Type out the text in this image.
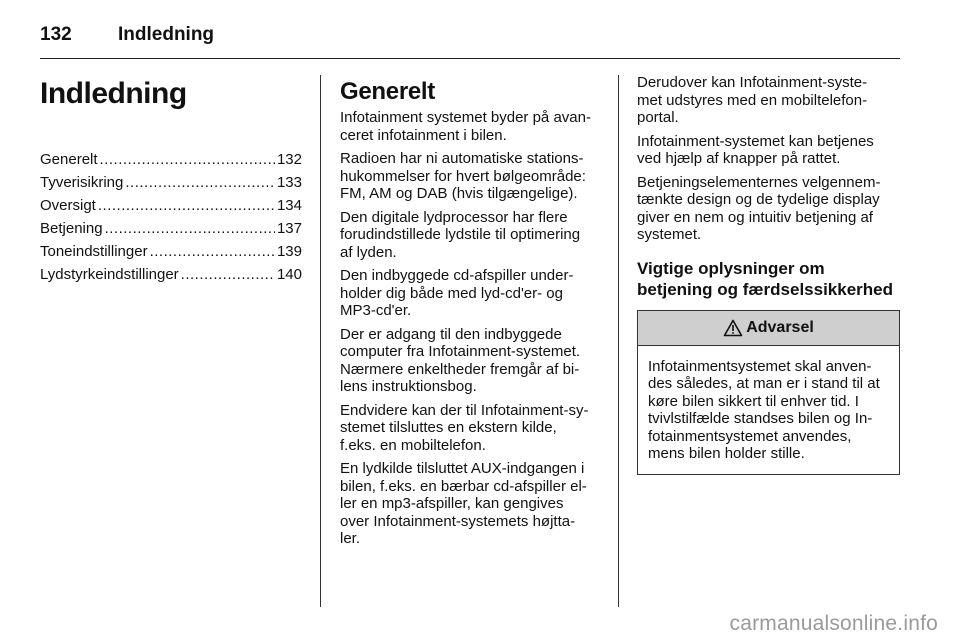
132 Indledning
Indledning
Generelt .....	132
Tyverisikring .....	133
Oversigt .....	134
Betjening .....	137
Toneindstillinger .....	139
Lydstyrkeindstillinger .....	140
Generelt
Infotainment systemet byder på avan-
ceret infotainment i bilen.
Radioen har ni automatiske stations-
hukommelser for hvert bølgeområde:
FM, AM og DAB (hvis tilgængelige).
Den digitale lydprocessor har flere
forudindstillede lydstile til optimering
af lyden.
Den indbyggede cd-afspiller under-
holder dig både med lyd-cd'er- og
MP3-cd'er.
Der er adgang til den indbyggede
computer fra Infotainment-systemet.
Nærmere enkeltheder fremgår af bi-
lens instruktionsbog.
Endvidere kan der til Infotainment-sy-
stemet tilsluttes en ekstern kilde,
f.eks. en mobiltelefon.
En lydkilde tilsluttet AUX-indgangen i
bilen, f.eks. en bærbar cd-afspiller el-
ler en mp3-afspiller, kan gengives
over Infotainment-systemets højtta-
ler.
Derudover kan Infotainment-syste-
met udstyres med en mobiltelefon-
portal.
Infotainment-systemet kan betjenes
ved hjælp af knapper på rattet.
Betjeningselementernes velgennem-
tænkte design og de tydelige display
giver en nem og intuitiv betjening af
systemet.
Vigtige oplysninger om
betjening og færdselssikkerhed
Advarsel
Infotainmentsystemet skal anven-
des således, at man er i stand til at
køre bilen sikkert til enhver tid. I
tvivlstilfælde standses bilen og In-
fotainmentsystemet anvendes,
mens bilen holder stille.
carmanualsonline.info
